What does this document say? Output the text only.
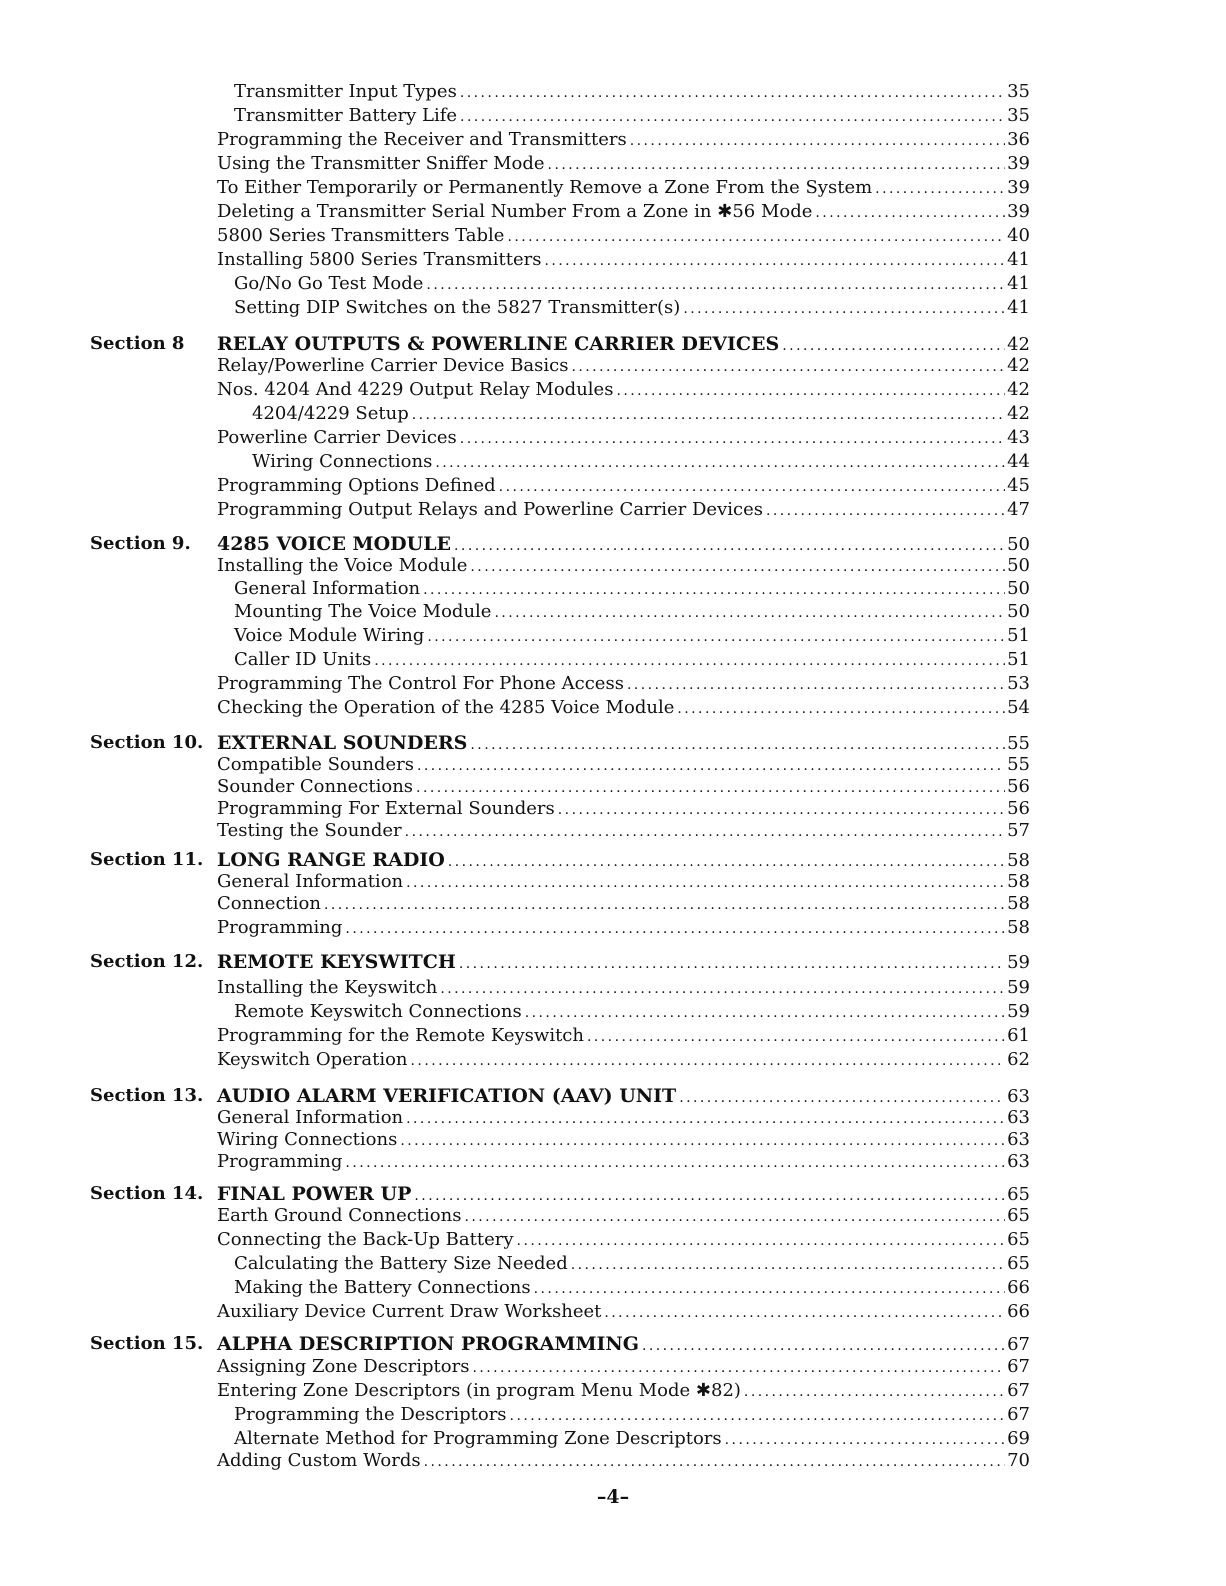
Transmitter Input Types . . .	35
Transmitter Battery Life . . .	35
Programming the Receiver and Transmitters . . .	36
Using the Transmitter Sniffer Mode . . .	39
To Either Temporarily or Permanently Remove a Zone From the System . . .	39
Deleting a Transmitter Serial Number From a Zone in ✱56 Mode . . .	39
5800 Series Transmitters Table . . .	40
Installing 5800 Series Transmitters . . .	41
Go/No Go Test Mode . . .	41
Setting DIP Switches on the 5827 Transmitter(s) . . .	41
Section 8 RELAY OUTPUTS & POWERLINE CARRIER DEVICES . . .	42
Relay/Powerline Carrier Device Basics . . .	42
Nos. 4204 And 4229 Output Relay Modules . . .	42
4204/4229 Setup . . .	42
Powerline Carrier Devices . . .	43
Wiring Connections . . .	44
Programming Options Defined . . .	45
Programming Output Relays and Powerline Carrier Devices . . .	47
Section 9. 4285 VOICE MODULE . . .	50
Installing the Voice Module . . .	50
General Information . . .	50
Mounting The Voice Module . . .	50
Voice Module Wiring . . .	51
Caller ID Units . . .	51
Programming The Control For Phone Access . . .	53
Checking the Operation of the 4285 Voice Module . . .	54
Section 10. EXTERNAL SOUNDERS . . .	55
Compatible Sounders . . .	55
Sounder Connections . . .	56
Programming For External Sounders . . .	56
Testing the Sounder . . .	57
Section 11. LONG RANGE RADIO . . .	58
General Information . . .	58
Connection . . .	58
Programming . . .	58
Section 12. REMOTE KEYSWITCH . . .	59
Installing the Keyswitch . . .	59
Remote Keyswitch Connections . . .	59
Programming for the Remote Keyswitch . . .	61
Keyswitch Operation . . .	62
Section 13. AUDIO ALARM VERIFICATION (AAV) UNIT . . .	63
General Information . . .	63
Wiring Connections . . .	63
Programming . . .	63
Section 14. FINAL POWER UP . . .	65
Earth Ground Connections . . .	65
Connecting the Back-Up Battery . . .	65
Calculating the Battery Size Needed . . .	65
Making the Battery Connections . . .	66
Auxiliary Device Current Draw Worksheet . . .	66
Section 15. ALPHA DESCRIPTION PROGRAMMING . . .	67
Assigning Zone Descriptors . . .	67
Entering Zone Descriptors (in program Menu Mode ✱82) . . .	67
Programming the Descriptors . . .	67
Alternate Method for Programming Zone Descriptors . . .	69
Adding Custom Words . . .	70
–4–
